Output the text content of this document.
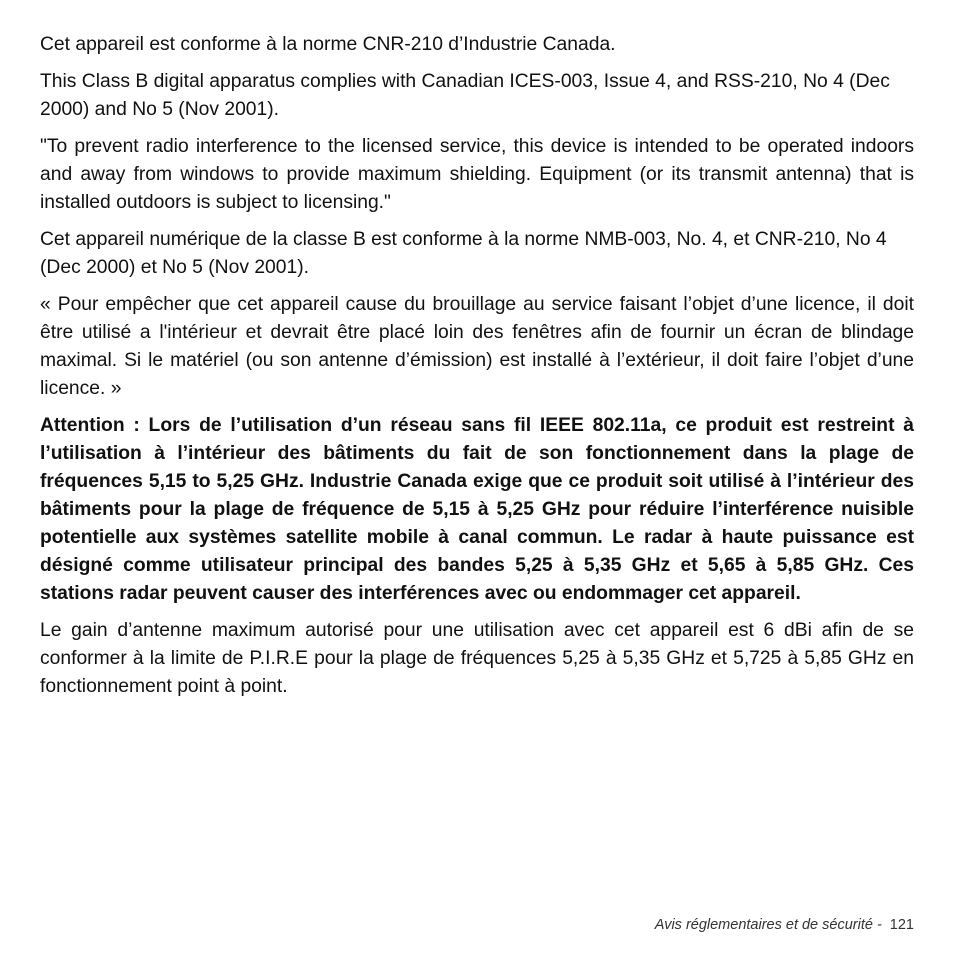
Cet appareil est conforme à la norme CNR-210 d’Industrie Canada.

This Class B digital apparatus complies with Canadian ICES-003, Issue 4, and RSS-210, No 4 (Dec 2000) and No 5 (Nov 2001).

"To prevent radio interference to the licensed service, this device is intended to be operated indoors and away from windows to provide maximum shielding. Equipment (or its transmit antenna) that is installed outdoors is subject to licensing."

Cet appareil numérique de la classe B est conforme à la norme NMB-003, No. 4, et CNR-210, No 4 (Dec 2000) et No 5 (Nov 2001).

« Pour empêcher que cet appareil cause du brouillage au service faisant l’objet d’une licence, il doit être utilisé a l'intérieur et devrait être placé loin des fenêtres afin de fournir un écran de blindage maximal. Si le matériel (ou son antenne d’émission) est installé à l’extérieur, il doit faire l’objet d’une licence. »

Attention : Lors de l’utilisation d’un réseau sans fil IEEE 802.11a, ce produit est restreint à l’utilisation à l’intérieur des bâtiments du fait de son fonctionnement dans la plage de fréquences 5,15 to 5,25 GHz. Industrie Canada exige que ce produit soit utilisé à l’intérieur des bâtiments pour la plage de fréquence de 5,15 à 5,25 GHz pour réduire l’interférence nuisible potentielle aux systèmes satellite mobile à canal commun. Le radar à haute puissance est désigné comme utilisateur principal des bandes 5,25 à 5,35 GHz et 5,65 à 5,85 GHz. Ces stations radar peuvent causer des interférences avec ou endommager cet appareil.

Le gain d’antenne maximum autorisé pour une utilisation avec cet appareil est 6 dBi afin de se conformer à la limite de P.I.R.E pour la plage de fréquences 5,25 à 5,35 GHz et 5,725 à 5,85 GHz en fonctionnement point à point.

Avis réglementaires et de sécurité - 121
